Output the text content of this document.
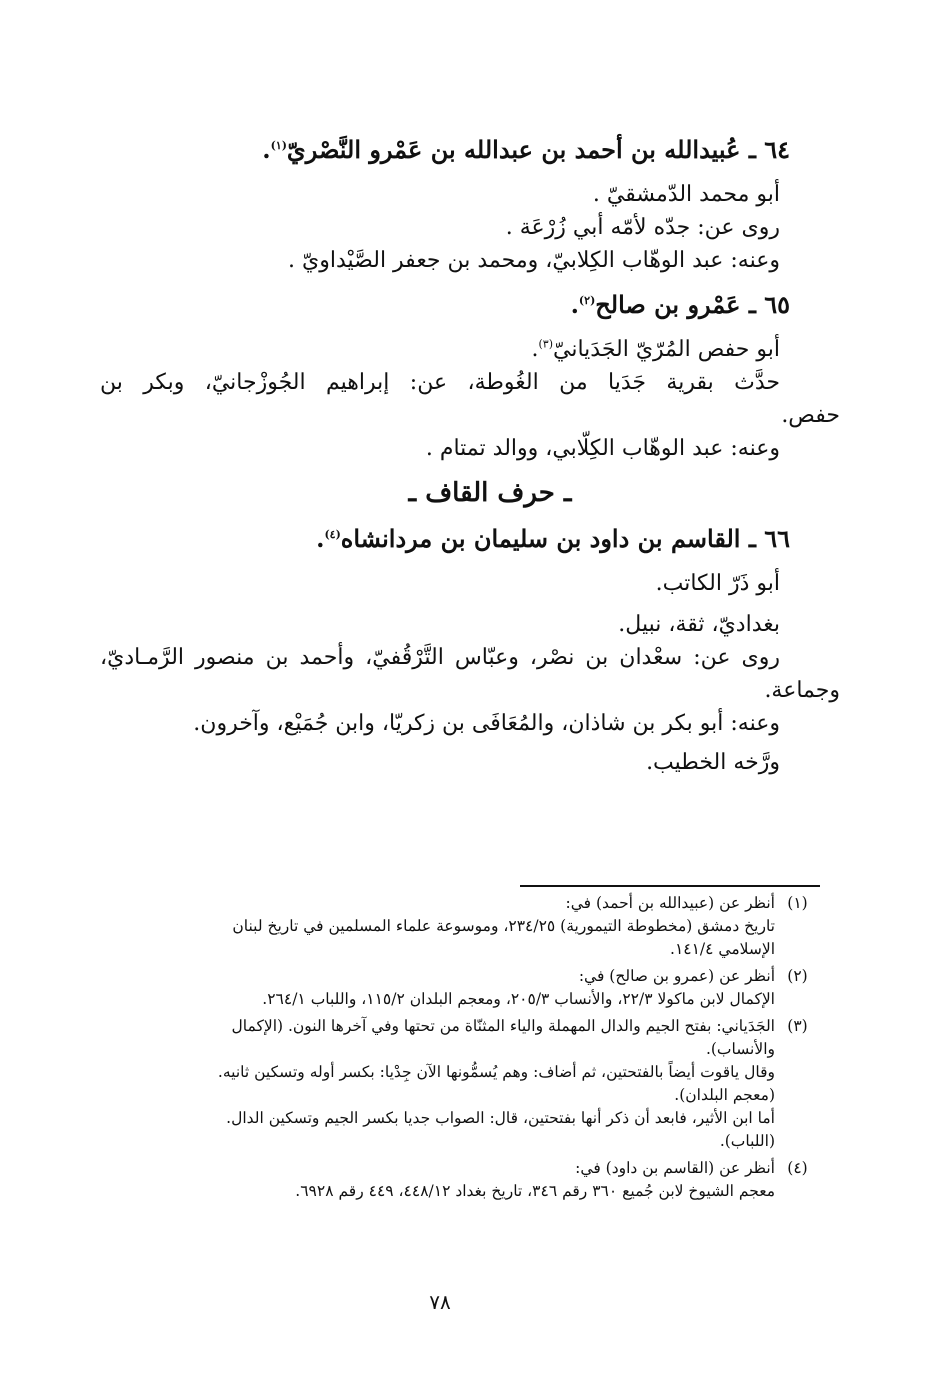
٦٤ ـ عُبيدالله بن أحمد بن عبدالله بن عَمْرو النَّصْريّ$^{(١)}$.

أبو محمد الدّمشقيّ .

روى عن: جدّه لأمّه أبي زُرْعَة .

وعنه: عبد الوهّاب الكِلابيّ، ومحمد بن جعفر الصَّيْداويّ .

٦٥ ـ عَمْرو بن صالح$^{(٢)}$.

أبو حفص المُرّيّ الجَدَيانيّ$^{(٣)}$.

حدَّث بقرية جَدَيا من الغُوطة، عن: إبراهيم الجُوزْجانيّ، وبكر بن

حفص.

وعنه: عبد الوهّاب الكِلّابي، ووالد تمتام .

ـ حرف القاف ـ
٦٦ ـ القاسم بن داود بن سليمان بن مردانشاه$^{(٤)}$.

أبو ذَرّ الكاتب.

بغداديّ، ثقة، نبيل.

روى عن: سعْدان بن نصْر، وعبّاس التَّرْقُفيّ، وأحمد بن منصور الرَّمـاديّ،

وجماعة.

وعنه: أبو بكر بن شاذان، والمُعَافَى بن زكريّا، وابن جُمَيْع، وآخرون.

ورَّخه الخطيب.

(١)
أنظر عن (عبيدالله بن أحمد) في:
تاريخ دمشق (مخطوطة التيمورية) ٢٣٤/٢٥، وموسوعة علماء المسلمين في تاريخ لبنان
الإسلامي ١٤١/٤.
(٢)
أنظر عن (عمرو بن صالح) في:
الإكمال لابن ماكولا ٢٢/٣، والأنساب ٢٠٥/٣، ومعجم البلدان ١١٥/٢، واللباب ٢٦٤/١.
(٣)
الجَدَياني: بفتح الجيم والدال المهملة والياء المثنّاة من تحتها وفي آخرها النون. (الإكمال
والأنساب).
وقال ياقوت أيضاً بالفتحتين، ثم أضاف: وهم يُسمُّونها الآن جِدْيا: بكسر أوله وتسكين ثانيه.
(معجم البلدان).
أما ابن الأثير، فابعد أن ذكر أنها بفتحتين، قال: الصواب جديا بكسر الجيم وتسكين الدال.
(اللباب).
(٤)
أنظر عن (القاسم بن داود) في:
معجم الشيوخ لابن جُميع ٣٦٠ رقم ٣٤٦، تاريخ بغداد ٤٤٨/١٢، ٤٤٩ رقم ٦٩٢٨.
٧٨
